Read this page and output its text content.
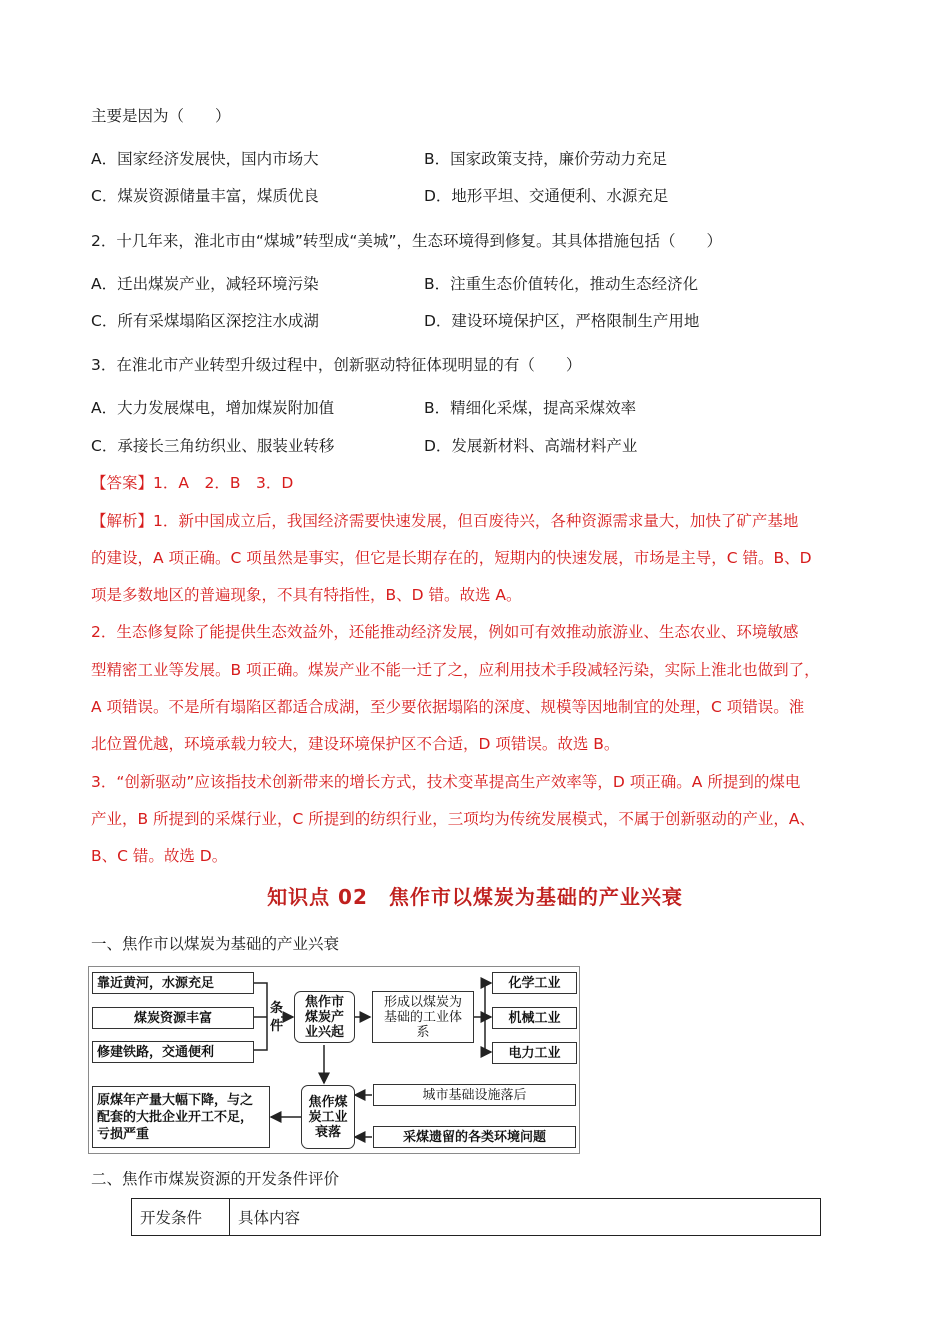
主要是因为（　　）
A．国家经济发展快，国内市场大	B．国家政策支持，廉价劳动力充足
C．煤炭资源储量丰富，煤质优良	D．地形平坦、交通便利、水源充足
2．十几年来，淮北市由“煤城”转型成“美城”，生态环境得到修复。其具体措施包括（　　）
A．迁出煤炭产业，减轻环境污染	B．注重生态价值转化，推动生态经济化
C．所有采煤塌陷区深挖注水成湖	D．建设环境保护区，严格限制生产用地
3．在淮北市产业转型升级过程中，创新驱动特征体现明显的有（　　）
A．大力发展煤电，增加煤炭附加值	B．精细化采煤，提高采煤效率
C．承接长三角纺织业、服装业转移	D．发展新材料、高端材料产业
【答案】1．A　2．B　3．D
【解析】1．新中国成立后，我国经济需要快速发展，但百废待兴，各种资源需求量大，加快了矿产基地
的建设，A 项正确。C 项虽然是事实，但它是长期存在的，短期内的快速发展，市场是主导，C 错。B、D
项是多数地区的普遍现象，不具有特指性，B、D 错。故选 A。
2．生态修复除了能提供生态效益外，还能推动经济发展，例如可有效推动旅游业、生态农业、环境敏感
型精密工业等发展。B 项正确。煤炭产业不能一迁了之，应利用技术手段减轻污染，实际上淮北也做到了，
A 项错误。不是所有塌陷区都适合成湖，至少要依据塌陷的深度、规模等因地制宜的处理，C 项错误。淮
北位置优越，环境承载力较大，建设环境保护区不合适，D 项错误。故选 B。
3．“创新驱动”应该指技术创新带来的增长方式，技术变革提高生产效率等，D 项正确。A 所提到的煤电
产业，B 所提到的采煤行业，C 所提到的纺织行业，三项均为传统发展模式，不属于创新驱动的产业，A、
B、C 错。故选 D。
知识点 02　焦作市以煤炭为基础的产业兴衰
一、焦作市以煤炭为基础的产业兴衰
靠近黄河，水源充足
煤炭资源丰富
修建铁路，交通便利
条
件
焦作市煤炭产业兴起
形成以煤炭为基础的工业体系
化学工业
机械工业
电力工业
焦作煤炭工业衰落
原煤年产量大幅下降，与之配套的大批企业开工不足，亏损严重
城市基础设施落后
采煤遗留的各类环境问题
二、焦作市煤炭资源的开发条件评价
开发条件	具体内容
